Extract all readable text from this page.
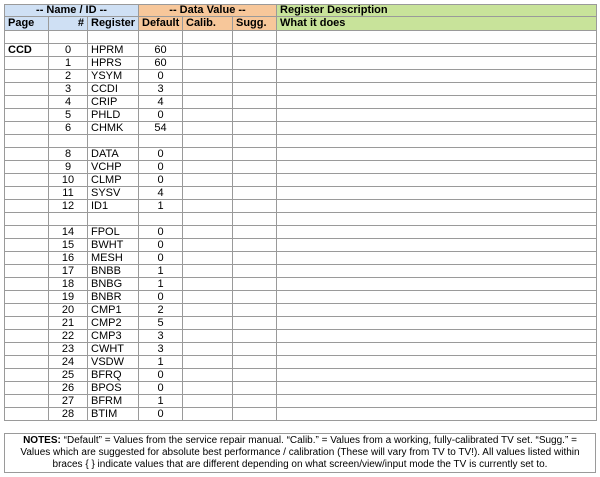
-- Name / ID --			-- Data Value --			Register Description
Page	#	Register	Default	Calib.	Sugg.	What it does

CCD	0	HPRM	60			
	1	HPRS	60			
	2	YSYM	0			
	3	CCDI	3			
	4	CRIP	4			
	5	PHLD	0			
	6	CHMK	54			

	8	DATA	0			
	9	VCHP	0			
	10	CLMP	0			
	11	SYSV	4			
	12	ID1	1			

	14	FPOL	0			
	15	BWHT	0			
	16	MESH	0			
	17	BNBB	1			
	18	BNBG	1			
	19	BNBR	0			
	20	CMP1	2			
	21	CMP2	5			
	22	CMP3	3			
	23	CWHT	3			
	24	VSDW	1			
	25	BFRQ	0			
	26	BPOS	0			
	27	BFRM	1			
	28	BTIM	0			
NOTES: “Default” = Values from the service repair manual. “Calib.” = Values from a working, fully-calibrated TV set. “Sugg.” = Values which are suggested for absolute best performance / calibration (These will vary from TV to TV!). All values listed within braces { } indicate values that are different depending on what screen/view/input mode the TV is currently set to.
